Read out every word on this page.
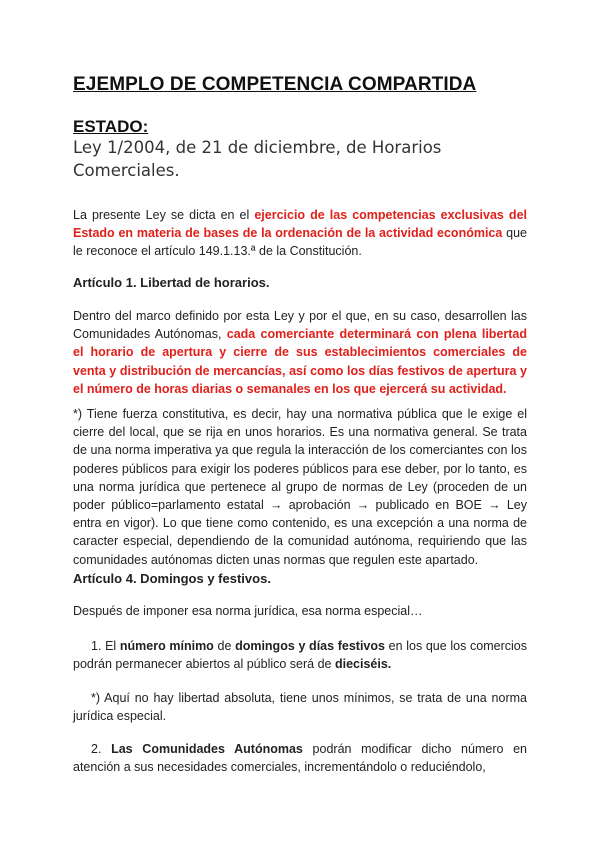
EJEMPLO DE COMPETENCIA COMPARTIDA
ESTADO:

Ley 1/2004, de 21 de diciembre, de Horarios Comerciales.

La presente Ley se dicta en el ejercicio de las competencias exclusivas del Estado en materia de bases de la ordenación de la actividad económica que le reconoce el artículo 149.1.13.ª de la Constitución.

Artículo 1. Libertad de horarios.

Dentro del marco definido por esta Ley y por el que, en su caso, desarrollen las Comunidades Autónomas, cada comerciante determinará con plena libertad el horario de apertura y cierre de sus establecimientos comerciales de venta y distribución de mercancías, así como los días festivos de apertura y el número de horas diarias o semanales en los que ejercerá su actividad.

*) Tiene fuerza constitutiva, es decir, hay una normativa pública que le exige el cierre del local, que se rija en unos horarios. Es una normativa general. Se trata de una norma imperativa ya que regula la interacción de los comerciantes con los poderes públicos para exigir los poderes públicos para ese deber, por lo tanto, es una norma jurídica que pertenece al grupo de normas de Ley (proceden de un poder público=parlamento estatal → aprobación → publicado en BOE → Ley entra en vigor). Lo que tiene como contenido, es una excepción a una norma de caracter especial, dependiendo de la comunidad autónoma, requiriendo que las comunidades autónomas dicten unas normas que regulen este apartado.

Artículo 4. Domingos y festivos.

Después de imponer esa norma jurídica, esa norma especial…

1. El número mínimo de domingos y días festivos en los que los comercios podrán permanecer abiertos al público será de dieciséis.

*) Aquí no hay libertad absoluta, tiene unos mínimos, se trata de una norma jurídica especial.

2. Las Comunidades Autónomas podrán modificar dicho número en atención a sus necesidades comerciales, incrementándolo o reduciéndolo,
